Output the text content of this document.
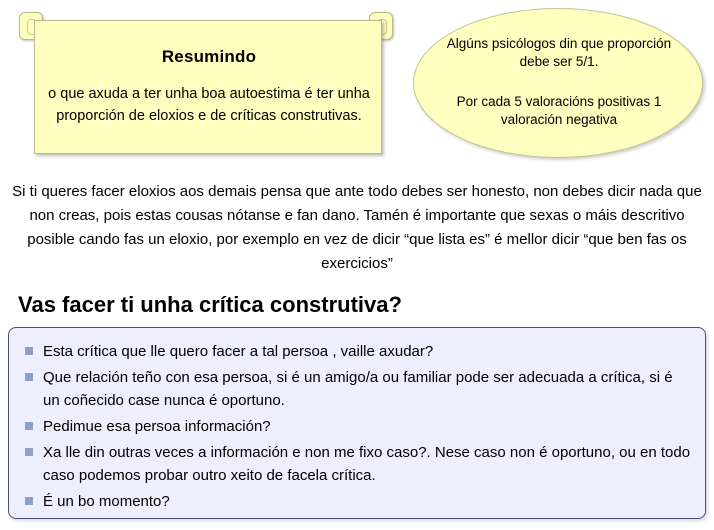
Resumindo
o que axuda a ter unha boa autoestima é ter unha proporción de eloxios e de críticas construtivas.
Algúns psicólogos din que proporción debe ser 5/1.
Por cada 5 valoracións positivas 1 valoración negativa
Si ti queres facer eloxios aos demais pensa que ante todo debes ser honesto, non debes dicir nada que non creas, pois estas cousas nótanse e fan dano. Tamén é importante que sexas o máis descritivo posible cando fas un eloxio, por exemplo en vez de dicir “que lista es” é mellor dicir “que ben fas os exercicios”
Vas facer ti unha crítica construtiva?
Esta crítica que lle quero facer a tal persoa , vaille axudar?
Que relación teño con esa persoa, si é un amigo/a ou familiar pode ser adecuada a crítica, si é un coñecido case nunca é oportuno.
Pedimue esa persoa información?
Xa lle din outras veces a información e non me fixo caso?. Nese caso non é oportuno, ou en todo caso podemos probar outro xeito de facela crítica.
É un bo momento?
